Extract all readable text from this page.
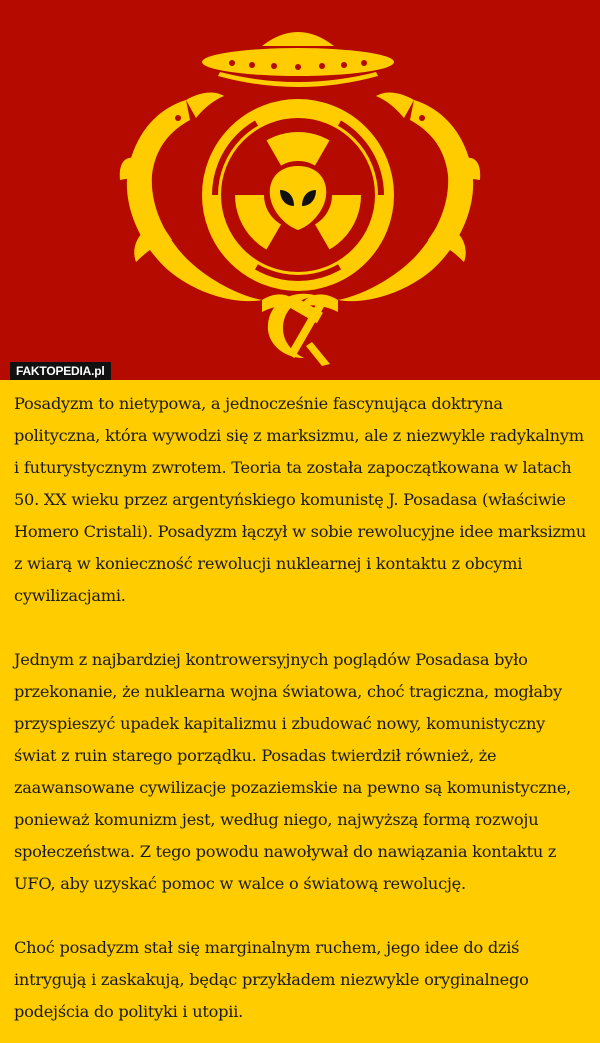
FAKTOPEDIA.pl

Posadyzm to nietypowa, a jednocześnie fascynująca doktryna polityczna, która wywodzi się z marksizmu, ale z niezwykle radykalnym i futurystycznym zwrotem. Teoria ta została zapoczątkowana w latach 50. XX wieku przez argentyńskiego komunistę J. Posadasa (właściwie Homero Cristali). Posadyzm łączył w sobie rewolucyjne idee marksizmu z wiarą w konieczność rewolucji nuklearnej i kontaktu z obcymi cywilizacjami.

Jednym z najbardziej kontrowersyjnych poglądów Posadasa było przekonanie, że nuklearna wojna światowa, choć tragiczna, mogłaby przyspieszyć upadek kapitalizmu i zbudować nowy, komunistyczny świat z ruin starego porządku. Posadas twierdził również, że zaawansowane cywilizacje pozaziemskie na pewno są komunistyczne, ponieważ komunizm jest, według niego, najwyższą formą rozwoju społeczeństwa. Z tego powodu nawoływał do nawiązania kontaktu z UFO, aby uzyskać pomoc w walce o światową rewolucję.

Choć posadyzm stał się marginalnym ruchem, jego idee do dziś intrygują i zaskakują, będąc przykładem niezwykle oryginalnego podejścia do polityki i utopii.
